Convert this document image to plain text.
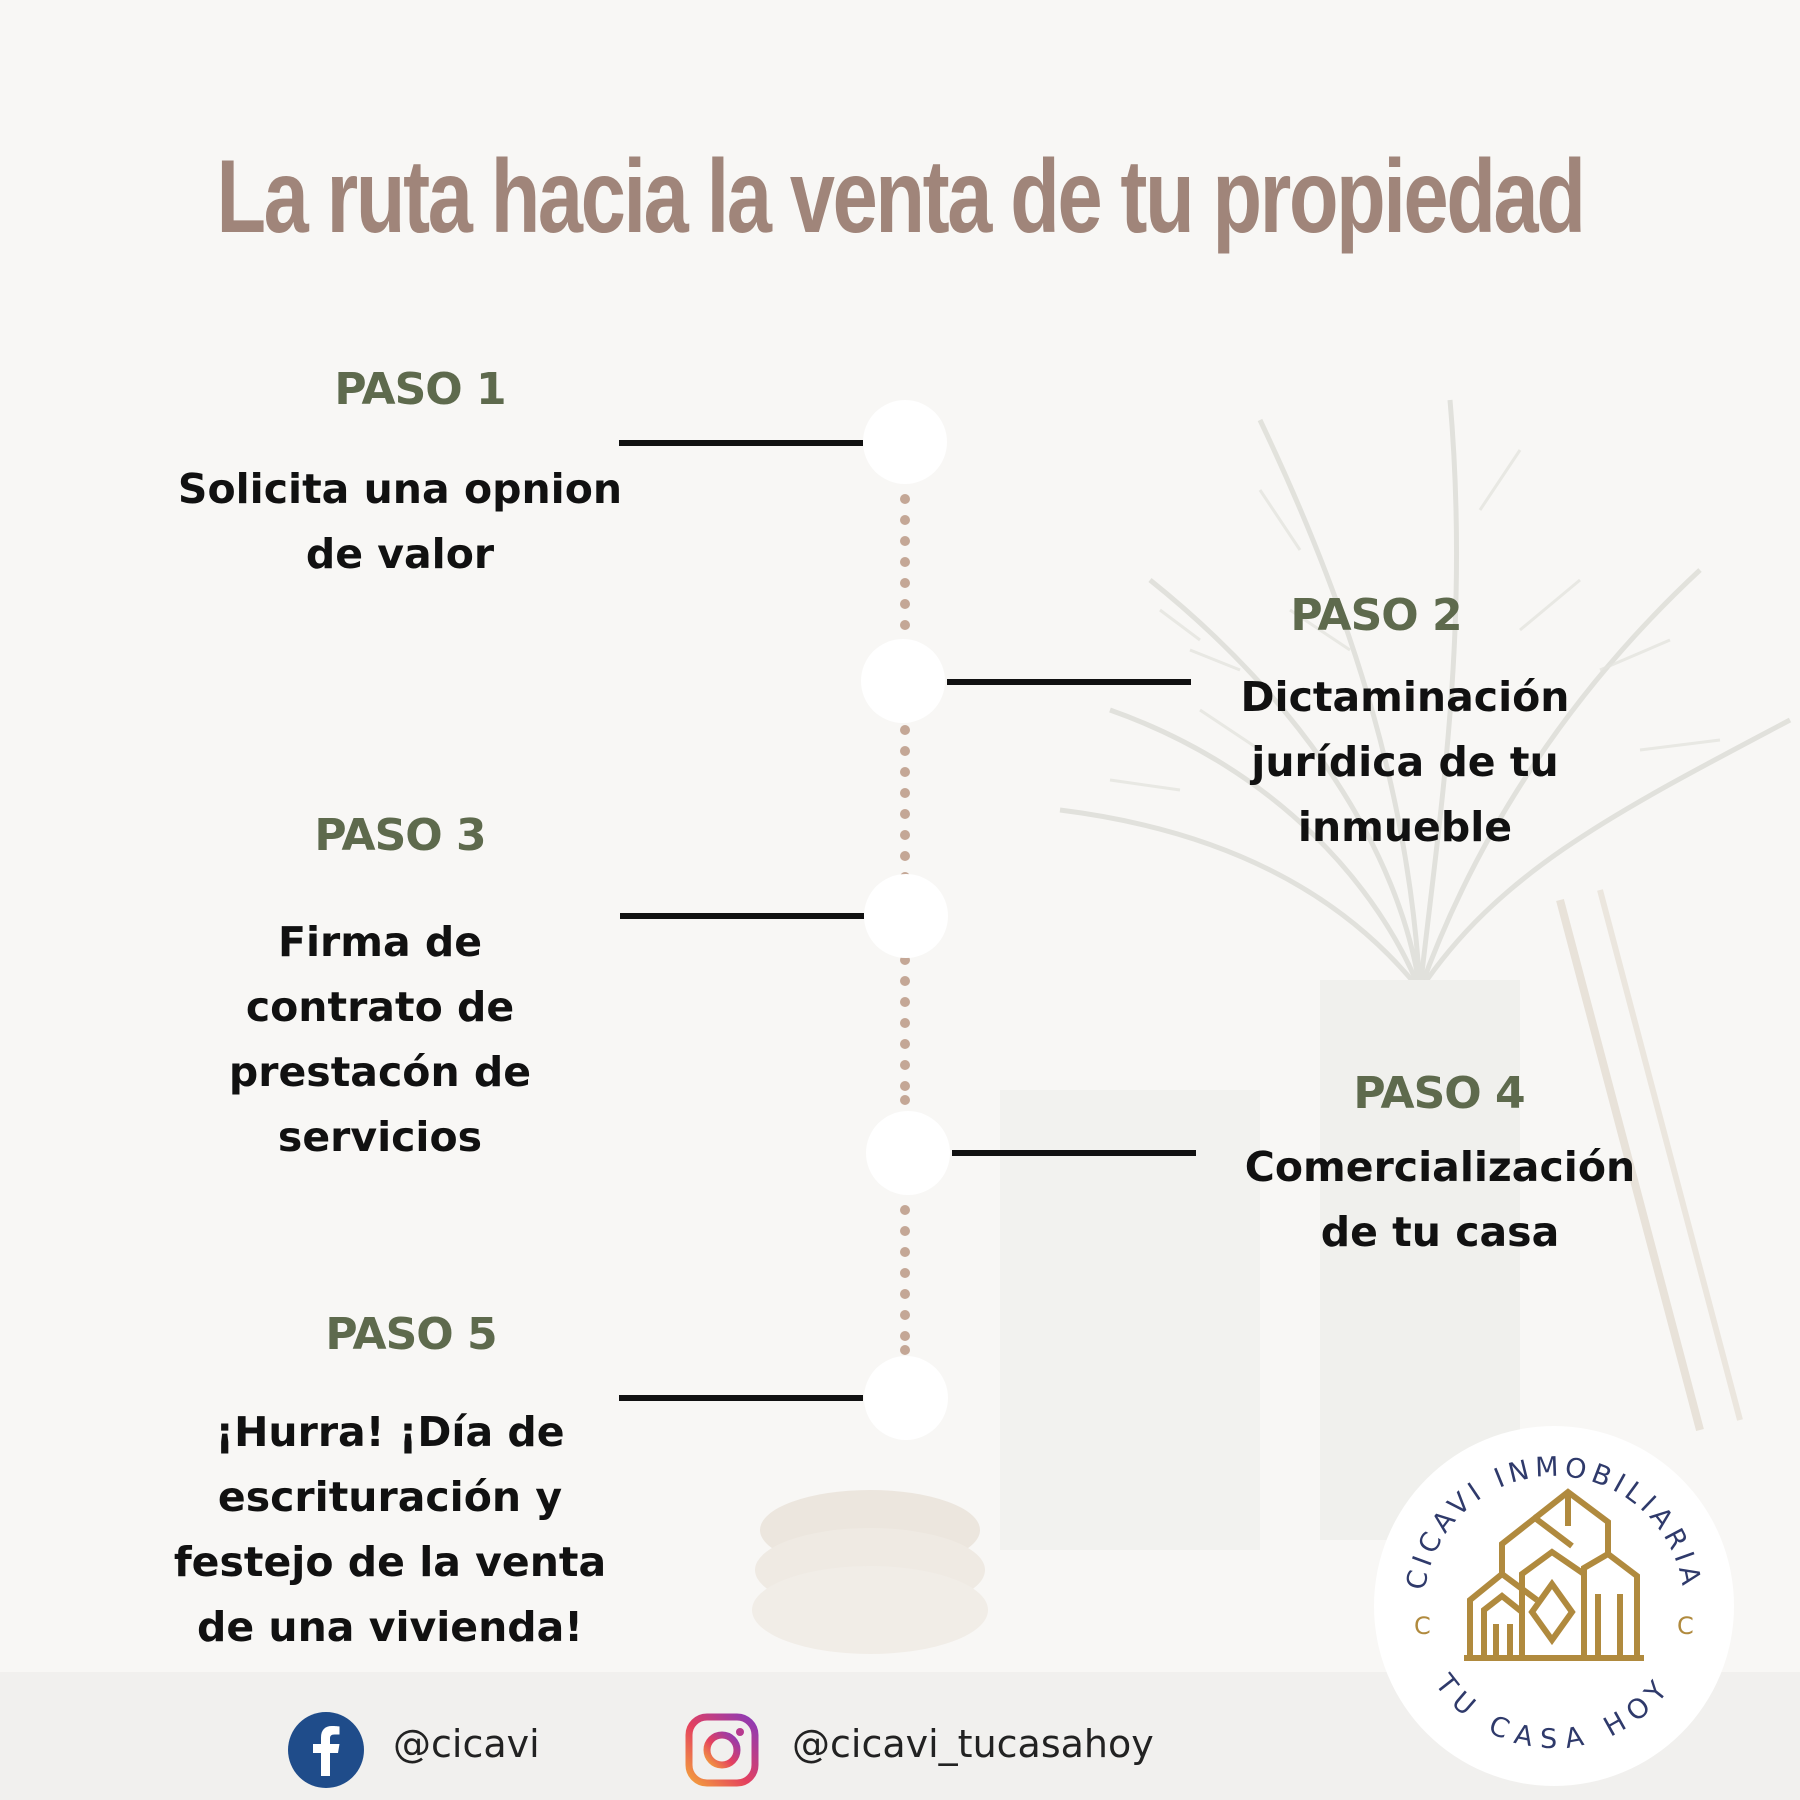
La ruta hacia la venta de tu propiedad
PASO 1
Solicita una opnion
de valor
PASO 2
Dictaminación
jurídica de tu
inmueble
PASO 3
Firma de
contrato de
prestacón de
servicios
PASO 4
Comercialización
de tu casa
PASO 5
¡Hurra! ¡Día de
escrituración y
festejo de la venta
de una vivienda!
@cicavi	@cicavi_tucasahoy
CICAVI INMOBILIARIA
TU CASA HOY
C	C
